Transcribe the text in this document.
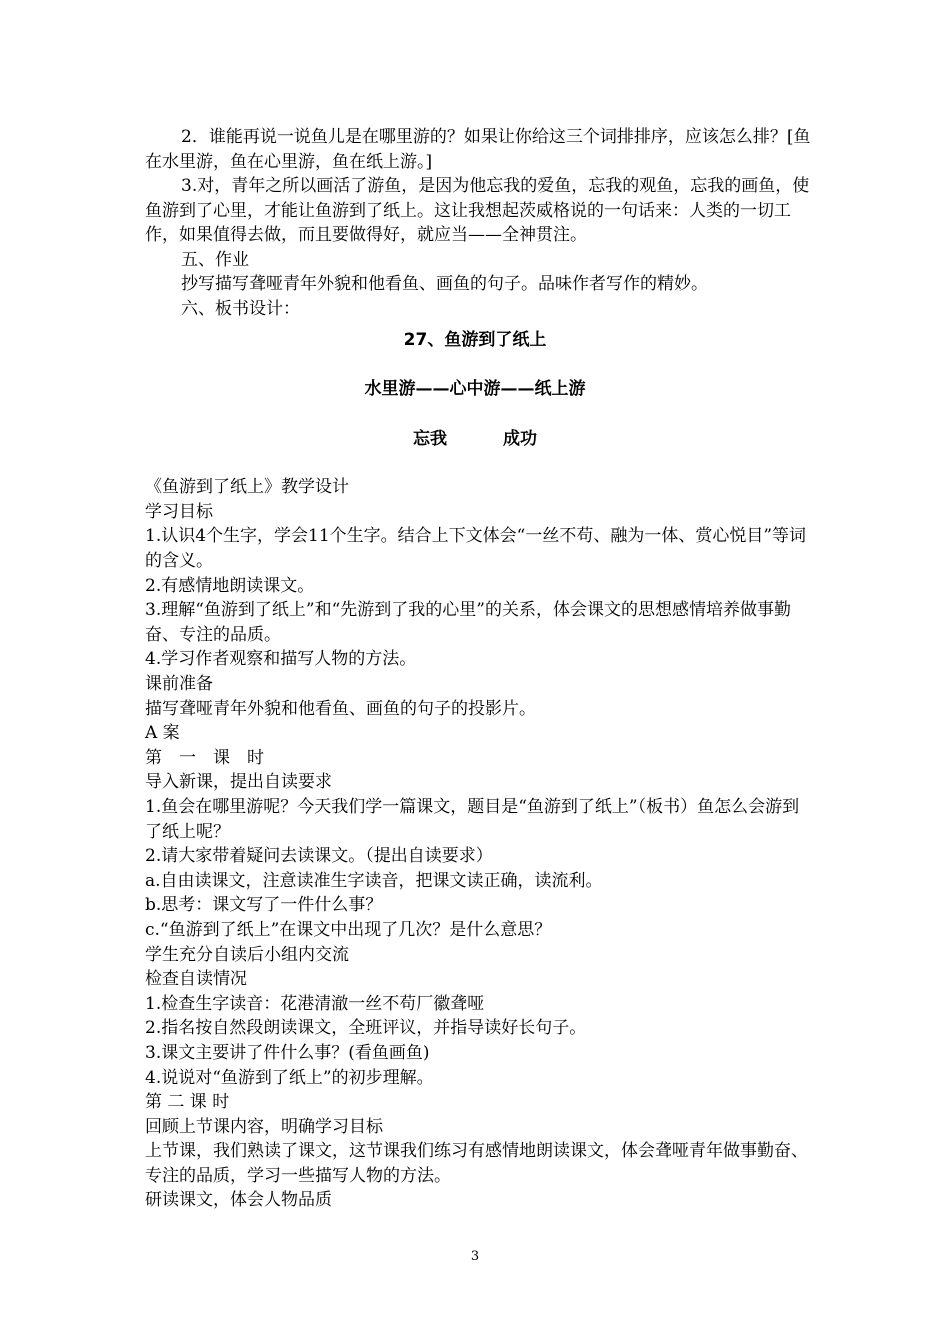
2．谁能再说一说鱼儿是在哪里游的？如果让你给这三个词排排序，应该怎么排？[鱼在水里游，鱼在心里游，鱼在纸上游。]

3.对，青年之所以画活了游鱼，是因为他忘我的爱鱼，忘我的观鱼，忘我的画鱼，使鱼游到了心里，才能让鱼游到了纸上。这让我想起茨威格说的一句话来：人类的一切工作，如果值得去做，而且要做得好，就应当——全神贯注。

五、作业

抄写描写聋哑青年外貌和他看鱼、画鱼的句子。品味作者写作的精妙。

六、板书设计：

27、鱼游到了纸上

水里游——心中游——纸上游

忘我	成功

《鱼游到了纸上》教学设计

学习目标

1.认识4个生字，学会11个生字。结合上下文体会“一丝不苟、融为一体、赏心悦目”等词的含义。

2.有感情地朗读课文。

3.理解“鱼游到了纸上”和“先游到了我的心里”的关系，体会课文的思想感情培养做事勤奋、专注的品质。

4.学习作者观察和描写人物的方法。

课前准备

描写聋哑青年外貌和他看鱼、画鱼的句子的投影片。

A 案

第　一　课　时

导入新课，提出自读要求

1.鱼会在哪里游呢？今天我们学一篇课文，题目是“鱼游到了纸上”（板书）鱼怎么会游到了纸上呢？

2.请大家带着疑问去读课文。（提出自读要求）

a.自由读课文，注意读准生字读音，把课文读正确，读流利。

b.思考：课文写了一件什么事？

c.“鱼游到了纸上”在课文中出现了几次？是什么意思？

学生充分自读后小组内交流

检查自读情况

1.检查生字读音：花港清澈一丝不苟厂徽聋哑

2.指名按自然段朗读课文，全班评议，并指导读好长句子。

3.课文主要讲了件什么事？(看鱼画鱼)

4.说说对“鱼游到了纸上”的初步理解。

第 二 课 时

回顾上节课内容，明确学习目标

上节课，我们熟读了课文，这节课我们练习有感情地朗读课文，体会聋哑青年做事勤奋、专注的品质，学习一些描写人物的方法。

研读课文，体会人物品质

3
